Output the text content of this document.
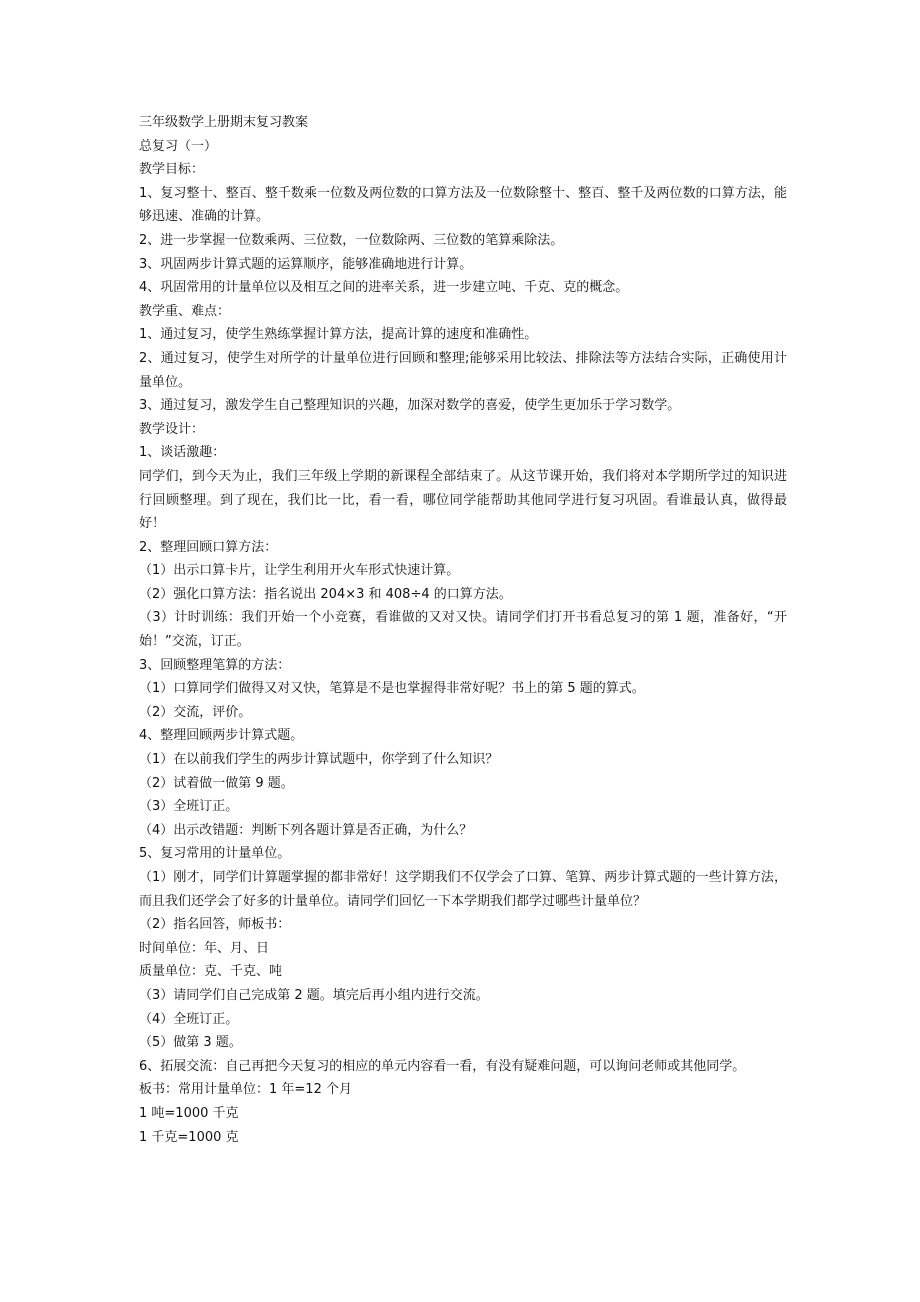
三年级数学上册期末复习教案
总复习（一）
教学目标：
1、复习整十、整百、整千数乘一位数及两位数的口算方法及一位数除整十、整百、整千及两位数的口算方法，能够迅速、准确的计算。
2、进一步掌握一位数乘两、三位数，一位数除两、三位数的笔算乘除法。
3、巩固两步计算式题的运算顺序，能够准确地进行计算。
4、巩固常用的计量单位以及相互之间的进率关系，进一步建立吨、千克、克的概念。
教学重、难点：
1、通过复习，使学生熟练掌握计算方法，提高计算的速度和准确性。
2、通过复习，使学生对所学的计量单位进行回顾和整理;能够采用比较法、排除法等方法结合实际，正确使用计量单位。
3、通过复习，激发学生自己整理知识的兴趣，加深对数学的喜爱，使学生更加乐于学习数学。
教学设计：
1、谈话激趣：
同学们，到今天为止，我们三年级上学期的新课程全部结束了。从这节课开始，我们将对本学期所学过的知识进行回顾整理。到了现在，我们比一比，看一看，哪位同学能帮助其他同学进行复习巩固。看谁最认真，做得最好！
2、整理回顾口算方法：
（1）出示口算卡片，让学生利用开火车形式快速计算。
（2）强化口算方法：指名说出 204×3 和 408÷4 的口算方法。
（3）计时训练：我们开始一个小竞赛，看谁做的又对又快。请同学们打开书看总复习的第 1 题，准备好，“开始！”交流，订正。
3、回顾整理笔算的方法：
（1）口算同学们做得又对又快，笔算是不是也掌握得非常好呢？书上的第 5 题的算式。
（2）交流，评价。
4、整理回顾两步计算式题。
（1）在以前我们学生的两步计算试题中，你学到了什么知识？
（2）试着做一做第 9 题。
（3）全班订正。
（4）出示改错题：判断下列各题计算是否正确，为什么？
5、复习常用的计量单位。
（1）刚才，同学们计算题掌握的都非常好！这学期我们不仅学会了口算、笔算、两步计算式题的一些计算方法，而且我们还学会了好多的计量单位。请同学们回忆一下本学期我们都学过哪些计量单位？
（2）指名回答，师板书：
时间单位：年、月、日
质量单位：克、千克、吨
（3）请同学们自己完成第 2 题。填完后再小组内进行交流。
（4）全班订正。
（5）做第 3 题。
6、拓展交流：自己再把今天复习的相应的单元内容看一看，有没有疑难问题，可以询问老师或其他同学。
板书：常用计量单位：1 年=12 个月
1 吨=1000 千克
1 千克=1000 克
